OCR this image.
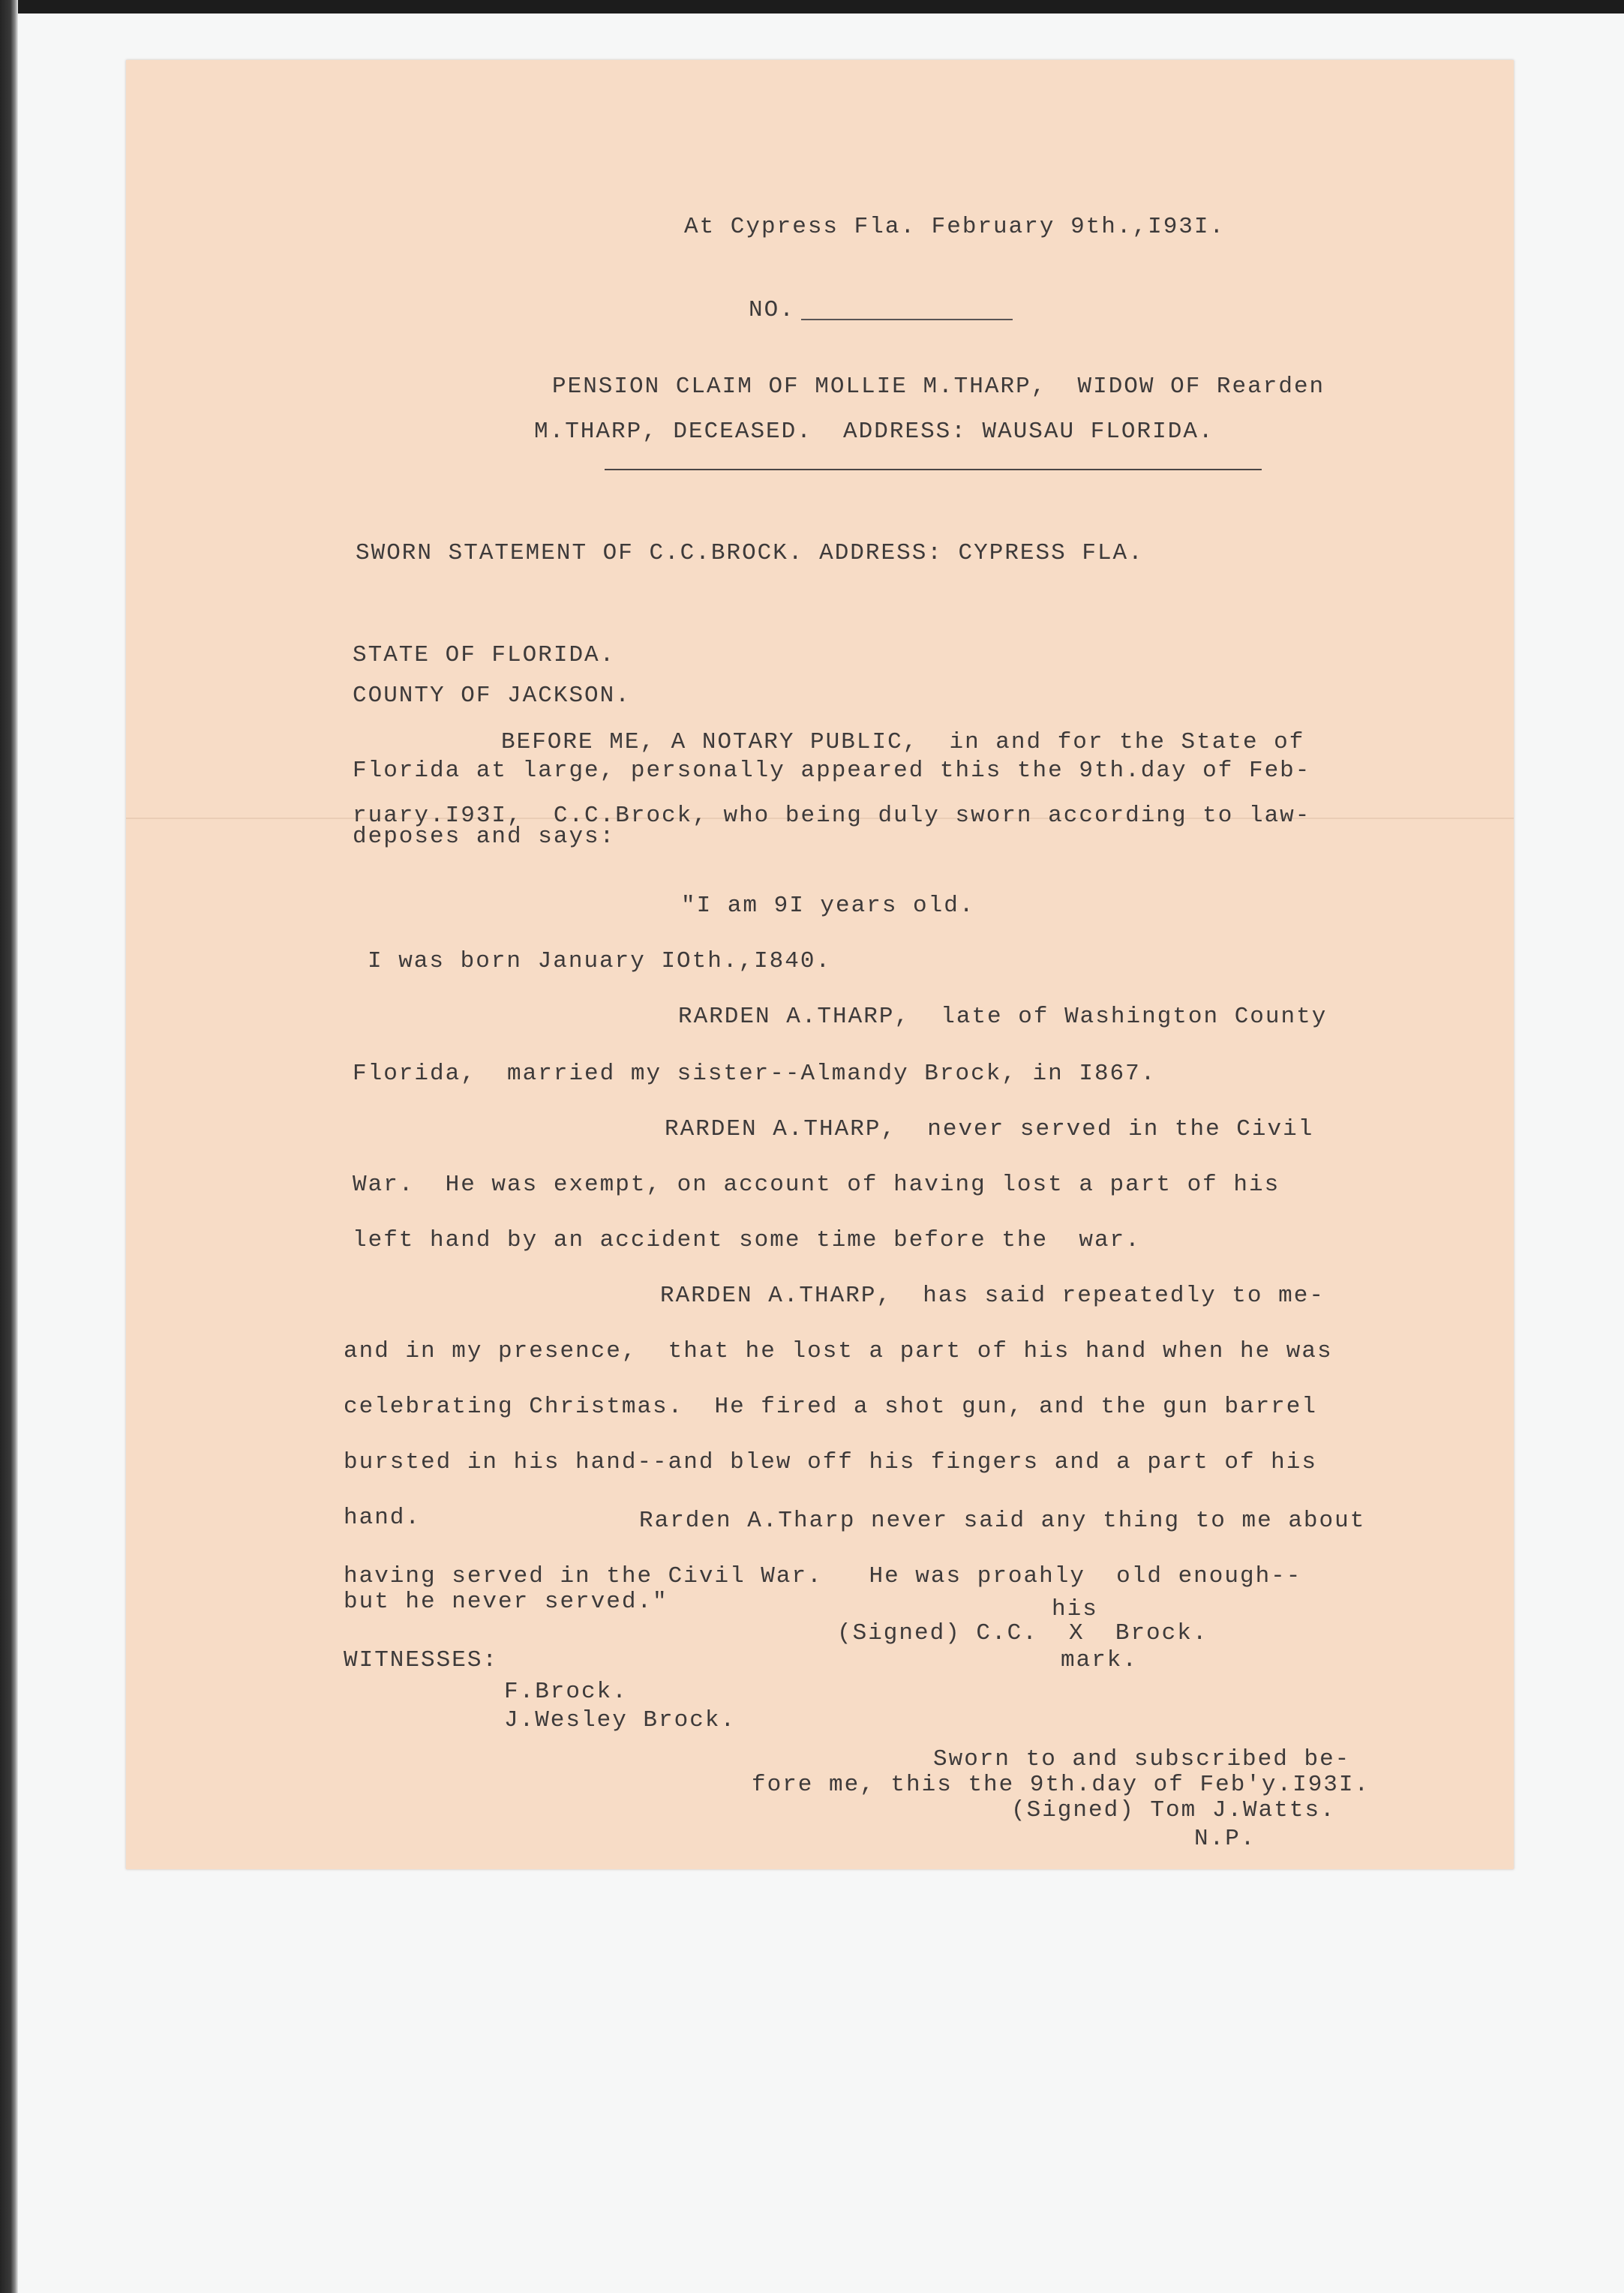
At Cypress Fla. February 9th.,I93I.
NO.
PENSION CLAIM OF MOLLIE M.THARP,  WIDOW OF Rearden
M.THARP, DECEASED.  ADDRESS: WAUSAU FLORIDA.
SWORN STATEMENT OF C.C.BROCK. ADDRESS: CYPRESS FLA.
STATE OF FLORIDA.
COUNTY OF JACKSON.
BEFORE ME, A NOTARY PUBLIC,  in and for the State of
Florida at large, personally appeared this the 9th.day of Feb-
ruary.I93I,  C.C.Brock, who being duly sworn according to law-
deposes and says:
"I am 9I years old.
I was born January IOth.,I840.
RARDEN A.THARP,  late of Washington County
Florida,  married my sister--Almandy Brock, in I867.
RARDEN A.THARP,  never served in the Civil
War.  He was exempt, on account of having lost a part of his
left hand by an accident some time before the  war.
RARDEN A.THARP,  has said repeatedly to me-
and in my presence,  that he lost a part of his hand when he was
celebrating Christmas.  He fired a shot gun, and the gun barrel
bursted in his hand--and blew off his fingers and a part of his
hand.	Rarden A.Tharp never said any thing to me about
having served in the Civil War.   He was proahly  old enough--
but he never served."	his
(Signed) C.C.  X  Brock.
mark.
WITNESSES:
F.Brock.
J.Wesley Brock.
Sworn to and subscribed be-
fore me, this the 9th.day of Feb'y.I93I.
(Signed) Tom J.Watts.
N.P.
